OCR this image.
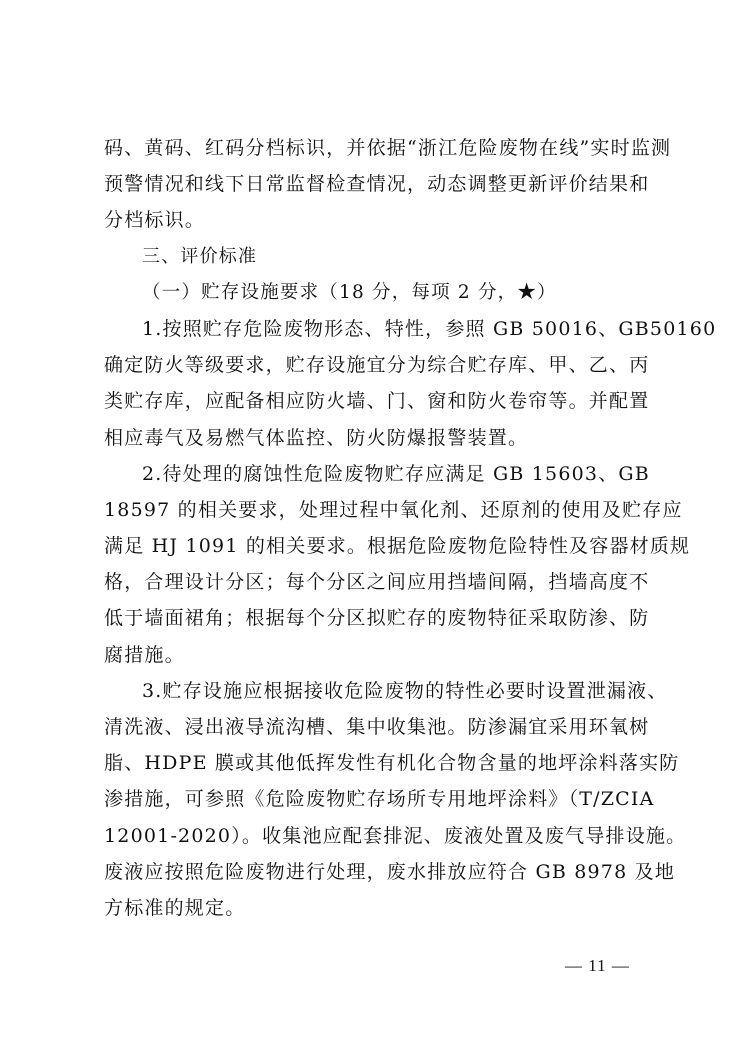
码、黄码、红码分档标识，并依据“浙江危险废物在线”实时监测
预警情况和线下日常监督检查情况，动态调整更新评价结果和
分档标识。
三、评价标准
（一）贮存设施要求（18 分，每项 2 分，★）
1.按照贮存危险废物形态、特性，参照 GB 50016、GB50160
确定防火等级要求，贮存设施宜分为综合贮存库、甲、乙、丙
类贮存库，应配备相应防火墙、门、窗和防火卷帘等。并配置
相应毒气及易燃气体监控、防火防爆报警装置。
2.待处理的腐蚀性危险废物贮存应满足 GB 15603、GB
18597 的相关要求，处理过程中氧化剂、还原剂的使用及贮存应
满足 HJ 1091 的相关要求。根据危险废物危险特性及容器材质规
格，合理设计分区；每个分区之间应用挡墙间隔，挡墙高度不
低于墙面裙角；根据每个分区拟贮存的废物特征采取防渗、防
腐措施。
3.贮存设施应根据接收危险废物的特性必要时设置泄漏液、
清洗液、浸出液导流沟槽、集中收集池。防渗漏宜采用环氧树
脂、HDPE 膜或其他低挥发性有机化合物含量的地坪涂料落实防
渗措施，可参照《危险废物贮存场所专用地坪涂料》（T/ZCIA
12001-2020）。收集池应配套排泥、废液处置及废气导排设施。
废液应按照危险废物进行处理，废水排放应符合 GB 8978 及地
方标准的规定。
— 11 —
